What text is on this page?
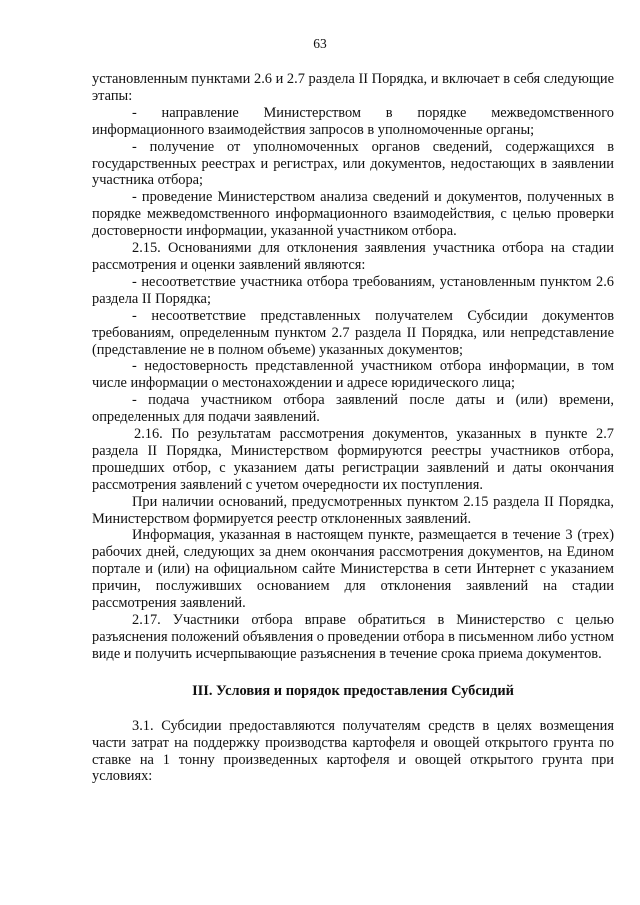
63

установленным пунктами 2.6 и 2.7 раздела II Порядка, и включает в себя следующие этапы:

- направление Министерством в порядке межведомственного информационного взаимодействия запросов в уполномоченные органы;

- получение от уполномоченных органов сведений, содержащихся в государственных реестрах и регистрах, или документов, недостающих в заявлении участника отбора;

- проведение Министерством анализа сведений и документов, полученных в порядке межведомственного информационного взаимодействия, с целью проверки достоверности информации, указанной участником отбора.

2.15. Основаниями для отклонения заявления участника отбора на стадии рассмотрения и оценки заявлений являются:

- несоответствие участника отбора требованиям, установленным пунктом 2.6 раздела II Порядка;

- несоответствие представленных получателем Субсидии документов требованиям, определенным пунктом 2.7 раздела II Порядка, или непредставление (представление не в полном объеме) указанных документов;

- недостоверность представленной участником отбора информации, в том числе информации о местонахождении и адресе юридического лица;

- подача участником отбора заявлений после даты и (или) времени, определенных для подачи заявлений.

2.16. По результатам рассмотрения документов, указанных в пункте 2.7 раздела II Порядка, Министерством формируются реестры участников отбора, прошедших отбор, с указанием даты регистрации заявлений и даты окончания рассмотрения заявлений с учетом очередности их поступления.

При наличии оснований, предусмотренных пунктом 2.15 раздела II Порядка, Министерством формируется реестр отклоненных заявлений.

Информация, указанная в настоящем пункте, размещается в течение 3 (трех) рабочих дней, следующих за днем окончания рассмотрения документов, на Едином портале и (или) на официальном сайте Министерства в сети Интернет с указанием причин, послуживших основанием для отклонения заявлений на стадии рассмотрения заявлений.

2.17. Участники отбора вправе обратиться в Министерство с целью разъяснения положений объявления о проведении отбора в письменном либо устном виде и получить исчерпывающие разъяснения в течение срока приема документов.

III. Условия и порядок предоставления Субсидий

3.1. Субсидии предоставляются получателям средств в целях возмещения части затрат на поддержку производства картофеля и овощей открытого грунта по ставке на 1 тонну произведенных картофеля и овощей открытого грунта при условиях:
